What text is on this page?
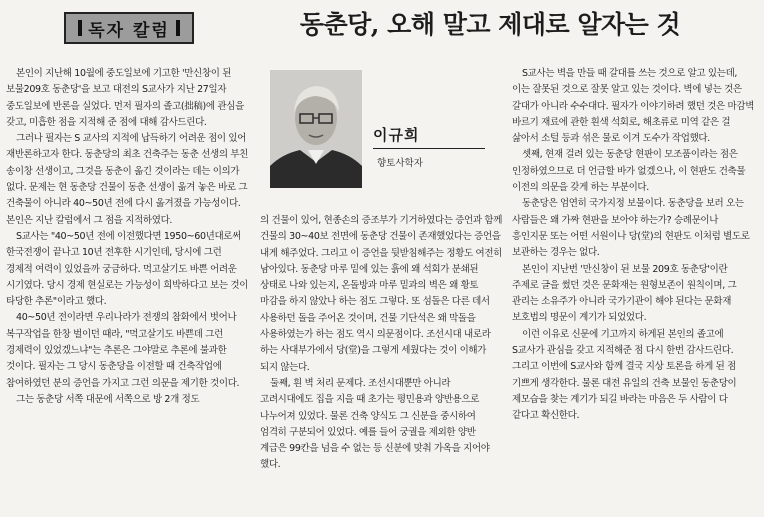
독자 칼럼	동춘당, 오해 말고 제대로 알자는 것

본인이 지난해 10월에 중도일보에 기고한 '만신창이 된 보물209호 동춘당'을 보고 대전의 S교사가 지난 27일자 중도일보에 반론을 실었다. 먼저 필자의 졸고(拙稿)에 관심을 갖고, 미흡한 점을 지적해 준 점에 대해 감사드린다.

그러나 필자는 S 교사의 지적에 납득하기 어려운 점이 있어 재반론하고자 한다. 동춘당의 최초 건축주는 동춘 선생의 부친 송이창 선생이고, 그것을 동춘이 옮긴 것이라는 데는 이의가 없다. 문제는 현 동춘당 건물이 동춘 선생이 옮겨 놓은 바로 그 건축물이 아니라 40~50년 전에 다시 옮겨졌을 가능성이다. 본인은 지난 칼럼에서 그 점을 지적하였다.

S교사는 "40~50년 전에 이전했다면 1950~60년대로써 한국전쟁이 끝나고 10년 전후한 시기인데, 당시에 그런 경제적 여력이 있었을까 궁금하다. 먹고살기도 바쁜 어려운 시기였다. 당시 경제 현실로는 가능성이 희박하다고 보는 것이 타당한 추론"이라고 했다.

40~50년 전이라면 우리나라가 전쟁의 참화에서 벗어나 복구작업을 한창 벌이던 때라, "먹고살기도 바쁜데 그런 경제력이 있었겠느냐"는 추론은 그야말로 추론에 불과한 것이다. 필자는 그 당시 동춘당을 이전할 때 건축작업에 참여하였던 분의 증언을 가지고 그런 의문을 제기한 것이다.

그는 동춘당 서쪽 대문에 서쪽으로 방 2개 정도

이규희
향토사학자

의 건물이 있어, 현종손의 증조부가 기거하였다는 증언과 함께 건물의 30~40보 전면에 동춘당 건물이 존재했었다는 증언을 내게 해주었다. 그리고 이 증언을 뒷받침해주는 정황도 여전히 남아있다. 동춘당 마루 밑에 있는 흙에 왜 석회가 분쇄된 상태로 나와 있는지, 온돌방과 마루 밑과의 벽은 왜 황토 마감을 하지 않았나 하는 점도 그렇다. 또 섬돌은 다른 데서 사용하던 돌을 주어온 것이며, 건물 기단석은 왜 막돌을 사용하였는가 하는 점도 역시 의문점이다. 조선시대 내로라 하는 사대부가에서 당(堂)을 그렇게 세웠다는 것이 이해가 되지 않는다.

둘째, 흰 벽 처리 문제다. 조선시대뿐만 아니라 고려시대에도 집을 지을 때 초가는 평민용과 양반용으로 나누어져 있었다. 물론 건축 양식도 그 신분을 중시하여 엄격히 구분되어 있었다. 예를 들어 궁궐을 제외한 양반 계급은 99칸을 넘을 수 없는 등 신분에 맞춰 가옥을 지어야 했다.

S교사는 벽을 만들 때 갈대를 쓰는 것으로 알고 있는데, 이는 잘못된 것으로 잘못 알고 있는 것이다. 벽에 넣는 것은 갈대가 아니라 수수대다. 필자가 이야기하려 했던 것은 마감벽 바르기 재료에 관한 흰색 석회로, 해초류로 미역 같은 걸 삶아서 소털 등과 섞은 물로 이겨 도수가 작업했다.

셋째, 현재 걸려 있는 동춘당 현판이 모조품이라는 점은 인정하였으므로 더 언급할 바가 없겠으나, 이 현판도 건축물 이전의 의문을 갖게 하는 부분이다.

동춘당은 엄연히 국가지정 보물이다. 동춘당을 보러 오는 사람들은 왜 가짜 현판을 보아야 하는가? 승례문이나 흥인지문 또는 어떤 서원이나 당(堂)의 현판도 이처럼 별도로 보관하는 경우는 없다.

본인이 지난번 '만신창이 된 보물 209호 동춘당'이란 주제로 글을 썼던 것은 문화재는 원형보존이 원칙이며, 그 관리는 소유주가 아니라 국가기관이 해야 된다는 문화재 보호법의 명문이 계기가 되었었다.

이런 이유로 신문에 기고까지 하게된 본인의 졸고에 S교사가 관심을 갖고 지적해준 점 다시 한번 감사드린다. 그리고 이번에 S교사와 함께 결국 지상 토론을 하게 된 점 기쁘게 생각한다. 물론 대전 유일의 건축 보물인 동춘당이 제모습을 찾는 계기가 되길 바라는 마음은 두 사람이 다 같다고 확신한다.
